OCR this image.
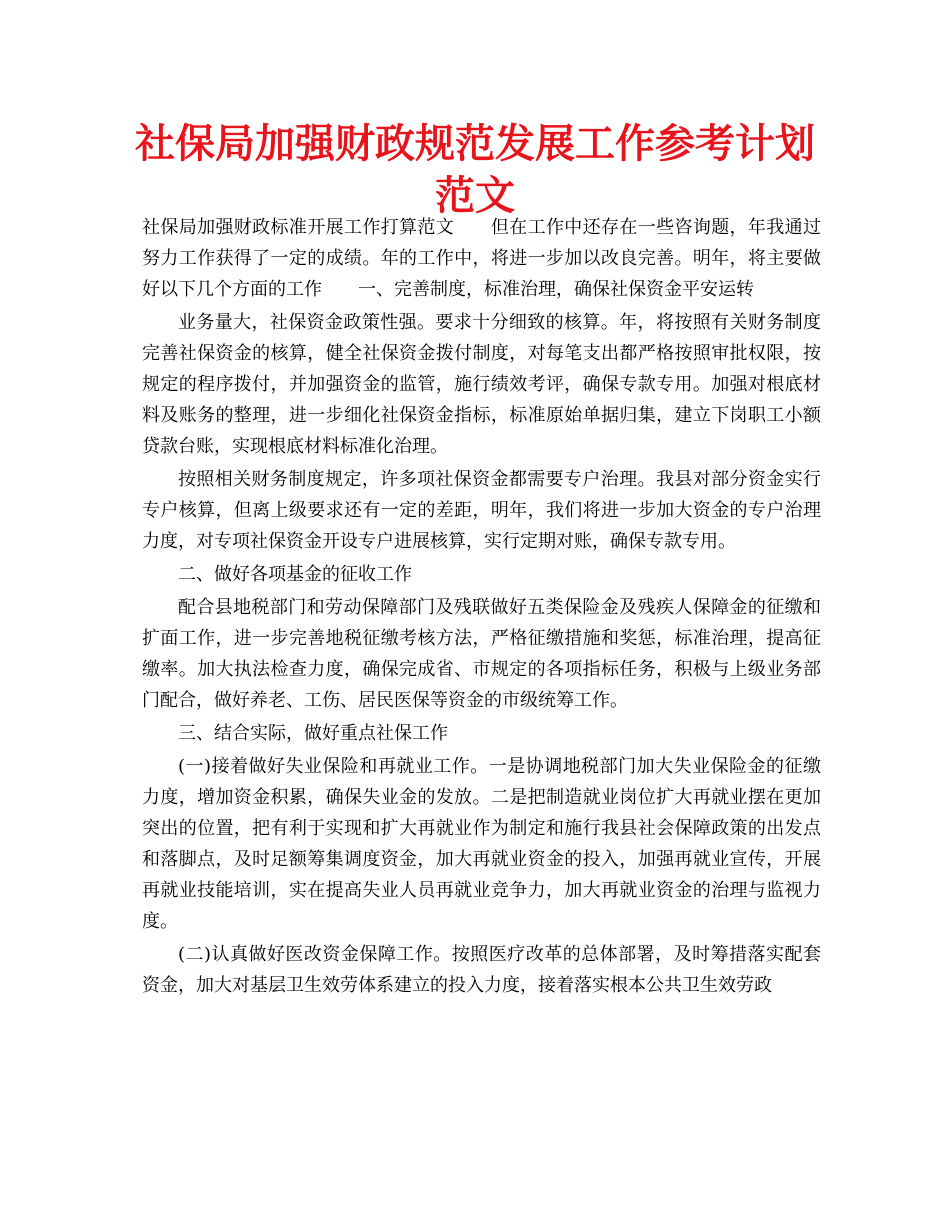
社保局加强财政规范发展工作参考计划范文

社保局加强财政标准开展工作打算范文　　但在工作中还存在一些咨询题，年我通过努力工作获得了一定的成绩。年的工作中，将进一步加以改良完善。明年，将主要做好以下几个方面的工作　　一、完善制度，标准治理，确保社保资金平安运转

业务量大，社保资金政策性强。要求十分细致的核算。年，将按照有关财务制度完善社保资金的核算，健全社保资金拨付制度，对每笔支出都严格按照审批权限，按规定的程序拨付，并加强资金的监管，施行绩效考评，确保专款专用。加强对根底材料及账务的整理，进一步细化社保资金指标，标准原始单据归集，建立下岗职工小额贷款台账，实现根底材料标准化治理。

按照相关财务制度规定，许多项社保资金都需要专户治理。我县对部分资金实行专户核算，但离上级要求还有一定的差距，明年，我们将进一步加大资金的专户治理力度，对专项社保资金开设专户进展核算，实行定期对账，确保专款专用。

二、做好各项基金的征收工作

配合县地税部门和劳动保障部门及残联做好五类保险金及残疾人保障金的征缴和扩面工作，进一步完善地税征缴考核方法，严格征缴措施和奖惩，标准治理，提高征缴率。加大执法检查力度，确保完成省、市规定的各项指标任务，积极与上级业务部门配合，做好养老、工伤、居民医保等资金的市级统筹工作。

三、结合实际，做好重点社保工作

(一)接着做好失业保险和再就业工作。一是协调地税部门加大失业保险金的征缴力度，增加资金积累，确保失业金的发放。二是把制造就业岗位扩大再就业摆在更加突出的位置，把有利于实现和扩大再就业作为制定和施行我县社会保障政策的出发点和落脚点，及时足额筹集调度资金，加大再就业资金的投入，加强再就业宣传，开展再就业技能培训，实在提高失业人员再就业竞争力，加大再就业资金的治理与监视力度。

(二)认真做好医改资金保障工作。按照医疗改革的总体部署，及时筹措落实配套资金，加大对基层卫生效劳体系建立的投入力度，接着落实根本公共卫生效劳政
